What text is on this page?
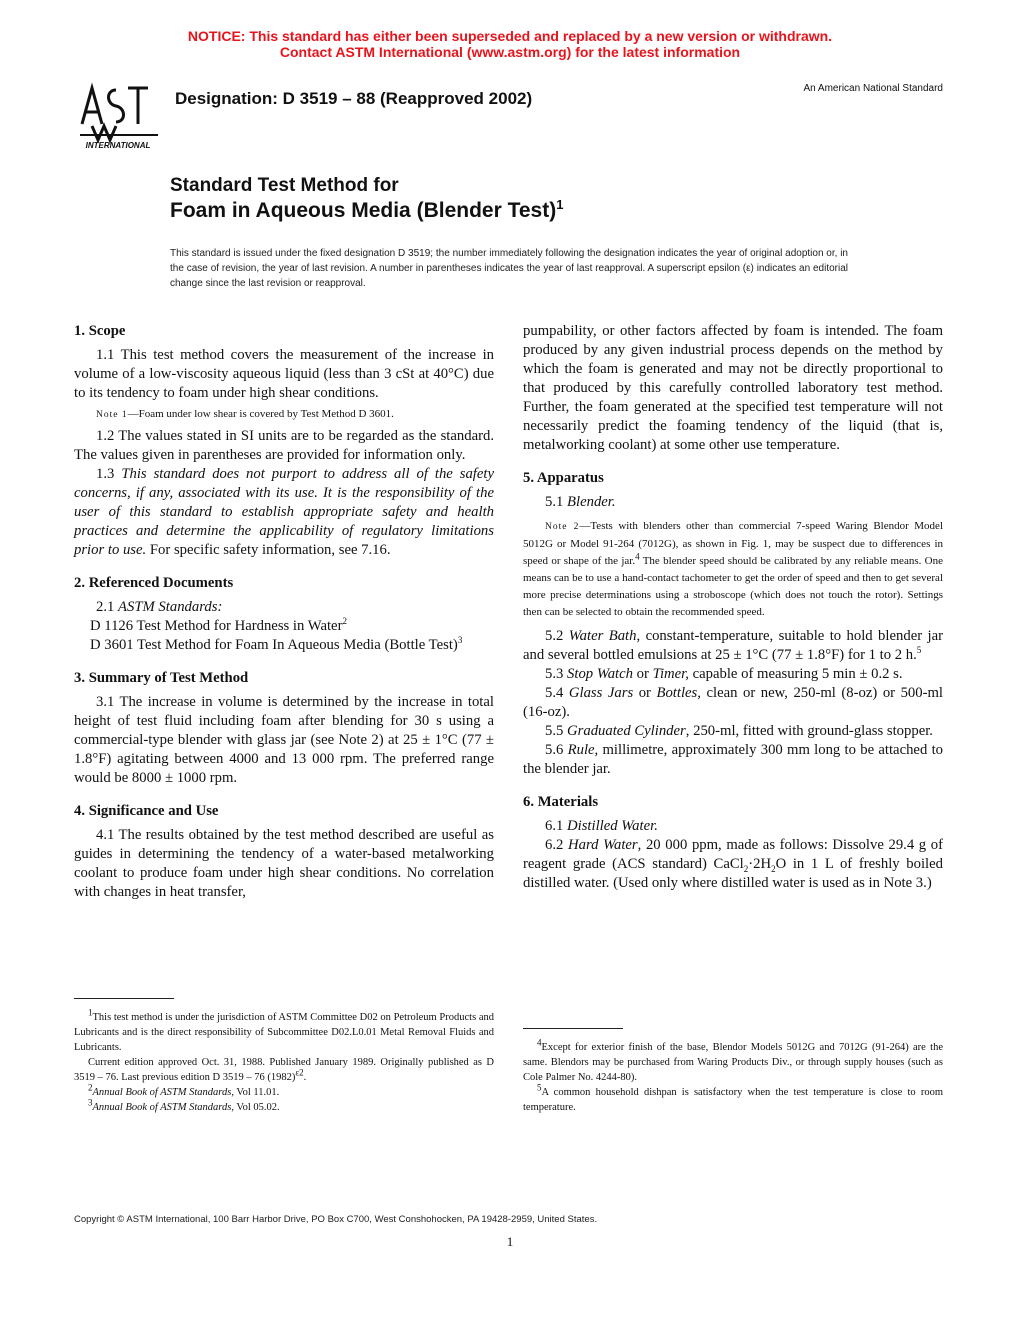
NOTICE: This standard has either been superseded and replaced by a new version or withdrawn.
Contact ASTM International (www.astm.org) for the latest information
INTERNATIONAL
Designation: D 3519 – 88 (Reapproved 2002)
An American National Standard
Standard Test Method for
Foam in Aqueous Media (Blender Test)$^1$
This standard is issued under the fixed designation D 3519; the number immediately following the designation indicates the year of original adoption or, in the case of revision, the year of last revision. A number in parentheses indicates the year of last reapproval. A superscript epsilon (ε) indicates an editorial change since the last revision or reapproval.
1. Scope

1.1 This test method covers the measurement of the increase in volume of a low-viscosity aqueous liquid (less than 3 cSt at 40°C) due to its tendency to foam under high shear conditions.

Note 1—Foam under low shear is covered by Test Method D 3601.

1.2 The values stated in SI units are to be regarded as the standard. The values given in parentheses are provided for information only.

1.3 This standard does not purport to address all of the safety concerns, if any, associated with its use. It is the responsibility of the user of this standard to establish appropriate safety and health practices and determine the applicability of regulatory limitations prior to use. For specific safety information, see 7.16.

2. Referenced Documents

2.1 ASTM Standards:

D 1126 Test Method for Hardness in Water$^2$

D 3601 Test Method for Foam In Aqueous Media (Bottle Test)$^3$

3. Summary of Test Method

3.1 The increase in volume is determined by the increase in total height of test fluid including foam after blending for 30 s using a commercial-type blender with glass jar (see Note 2) at 25 ± 1°C (77 ± 1.8°F) agitating between 4000 and 13 000 rpm. The preferred range would be 8000 ± 1000 rpm.

4. Significance and Use

4.1 The results obtained by the test method described are useful as guides in determining the tendency of a water-based metalworking coolant to produce foam under high shear conditions. No correlation with changes in heat transfer,

$^1$This test method is under the jurisdiction of ASTM Committee D02 on Petroleum Products and Lubricants and is the direct responsibility of Subcommittee D02.L0.01 Metal Removal Fluids and Lubricants.

Current edition approved Oct. 31, 1988. Published January 1989. Originally published as D 3519 – 76. Last previous edition D 3519 – 76 $(1982)^{\varepsilon 2}$.

$^2$Annual Book of ASTM Standards, Vol 11.01.

$^3$Annual Book of ASTM Standards, Vol 05.02.

pumpability, or other factors affected by foam is intended. The foam produced by any given industrial process depends on the method by which the foam is generated and may not be directly proportional to that produced by this carefully controlled laboratory test method. Further, the foam generated at the specified test temperature will not necessarily predict the foaming tendency of the liquid (that is, metalworking coolant) at some other use temperature.

5. Apparatus

5.1 Blender.

Note 2—Tests with blenders other than commercial 7-speed Waring Blendor Model 5012G or Model 91-264 (7012G), as shown in Fig. 1, may be suspect due to differences in speed or shape of the jar.$^4$ The blender speed should be calibrated by any reliable means. One means can be to use a hand-contact tachometer to get the order of speed and then to get several more precise determinations using a stroboscope (which does not touch the rotor). Settings then can be selected to obtain the recommended speed.

5.2 Water Bath, constant-temperature, suitable to hold blender jar and several bottled emulsions at 25 ± 1°C (77 ± 1.8°F) for 1 to 2 h.$^5$

5.3 Stop Watch or Timer, capable of measuring 5 min ± 0.2 s.

5.4 Glass Jars or Bottles, clean or new, 250-ml (8-oz) or 500-ml (16-oz).

5.5 Graduated Cylinder, 250-ml, fitted with ground-glass stopper.

5.6 Rule, millimetre, approximately 300 mm long to be attached to the blender jar.

6. Materials

6.1 Distilled Water.

6.2 Hard Water, 20 000 ppm, made as follows: Dissolve 29.4 g of reagent grade (ACS standard) $CaCl_2\cdot 2H_2O$ in 1 L of freshly boiled distilled water. (Used only where distilled water is used as in Note 3.)

$^4$Except for exterior finish of the base, Blendor Models 5012G and 7012G (91-264) are the same. Blendors may be purchased from Waring Products Div., or through supply houses (such as Cole Palmer No. 4244-80).

$^5$A common household dishpan is satisfactory when the test temperature is close to room temperature.

Copyright © ASTM International, 100 Barr Harbor Drive, PO Box C700, West Conshohocken, PA 19428-2959, United States.
1
